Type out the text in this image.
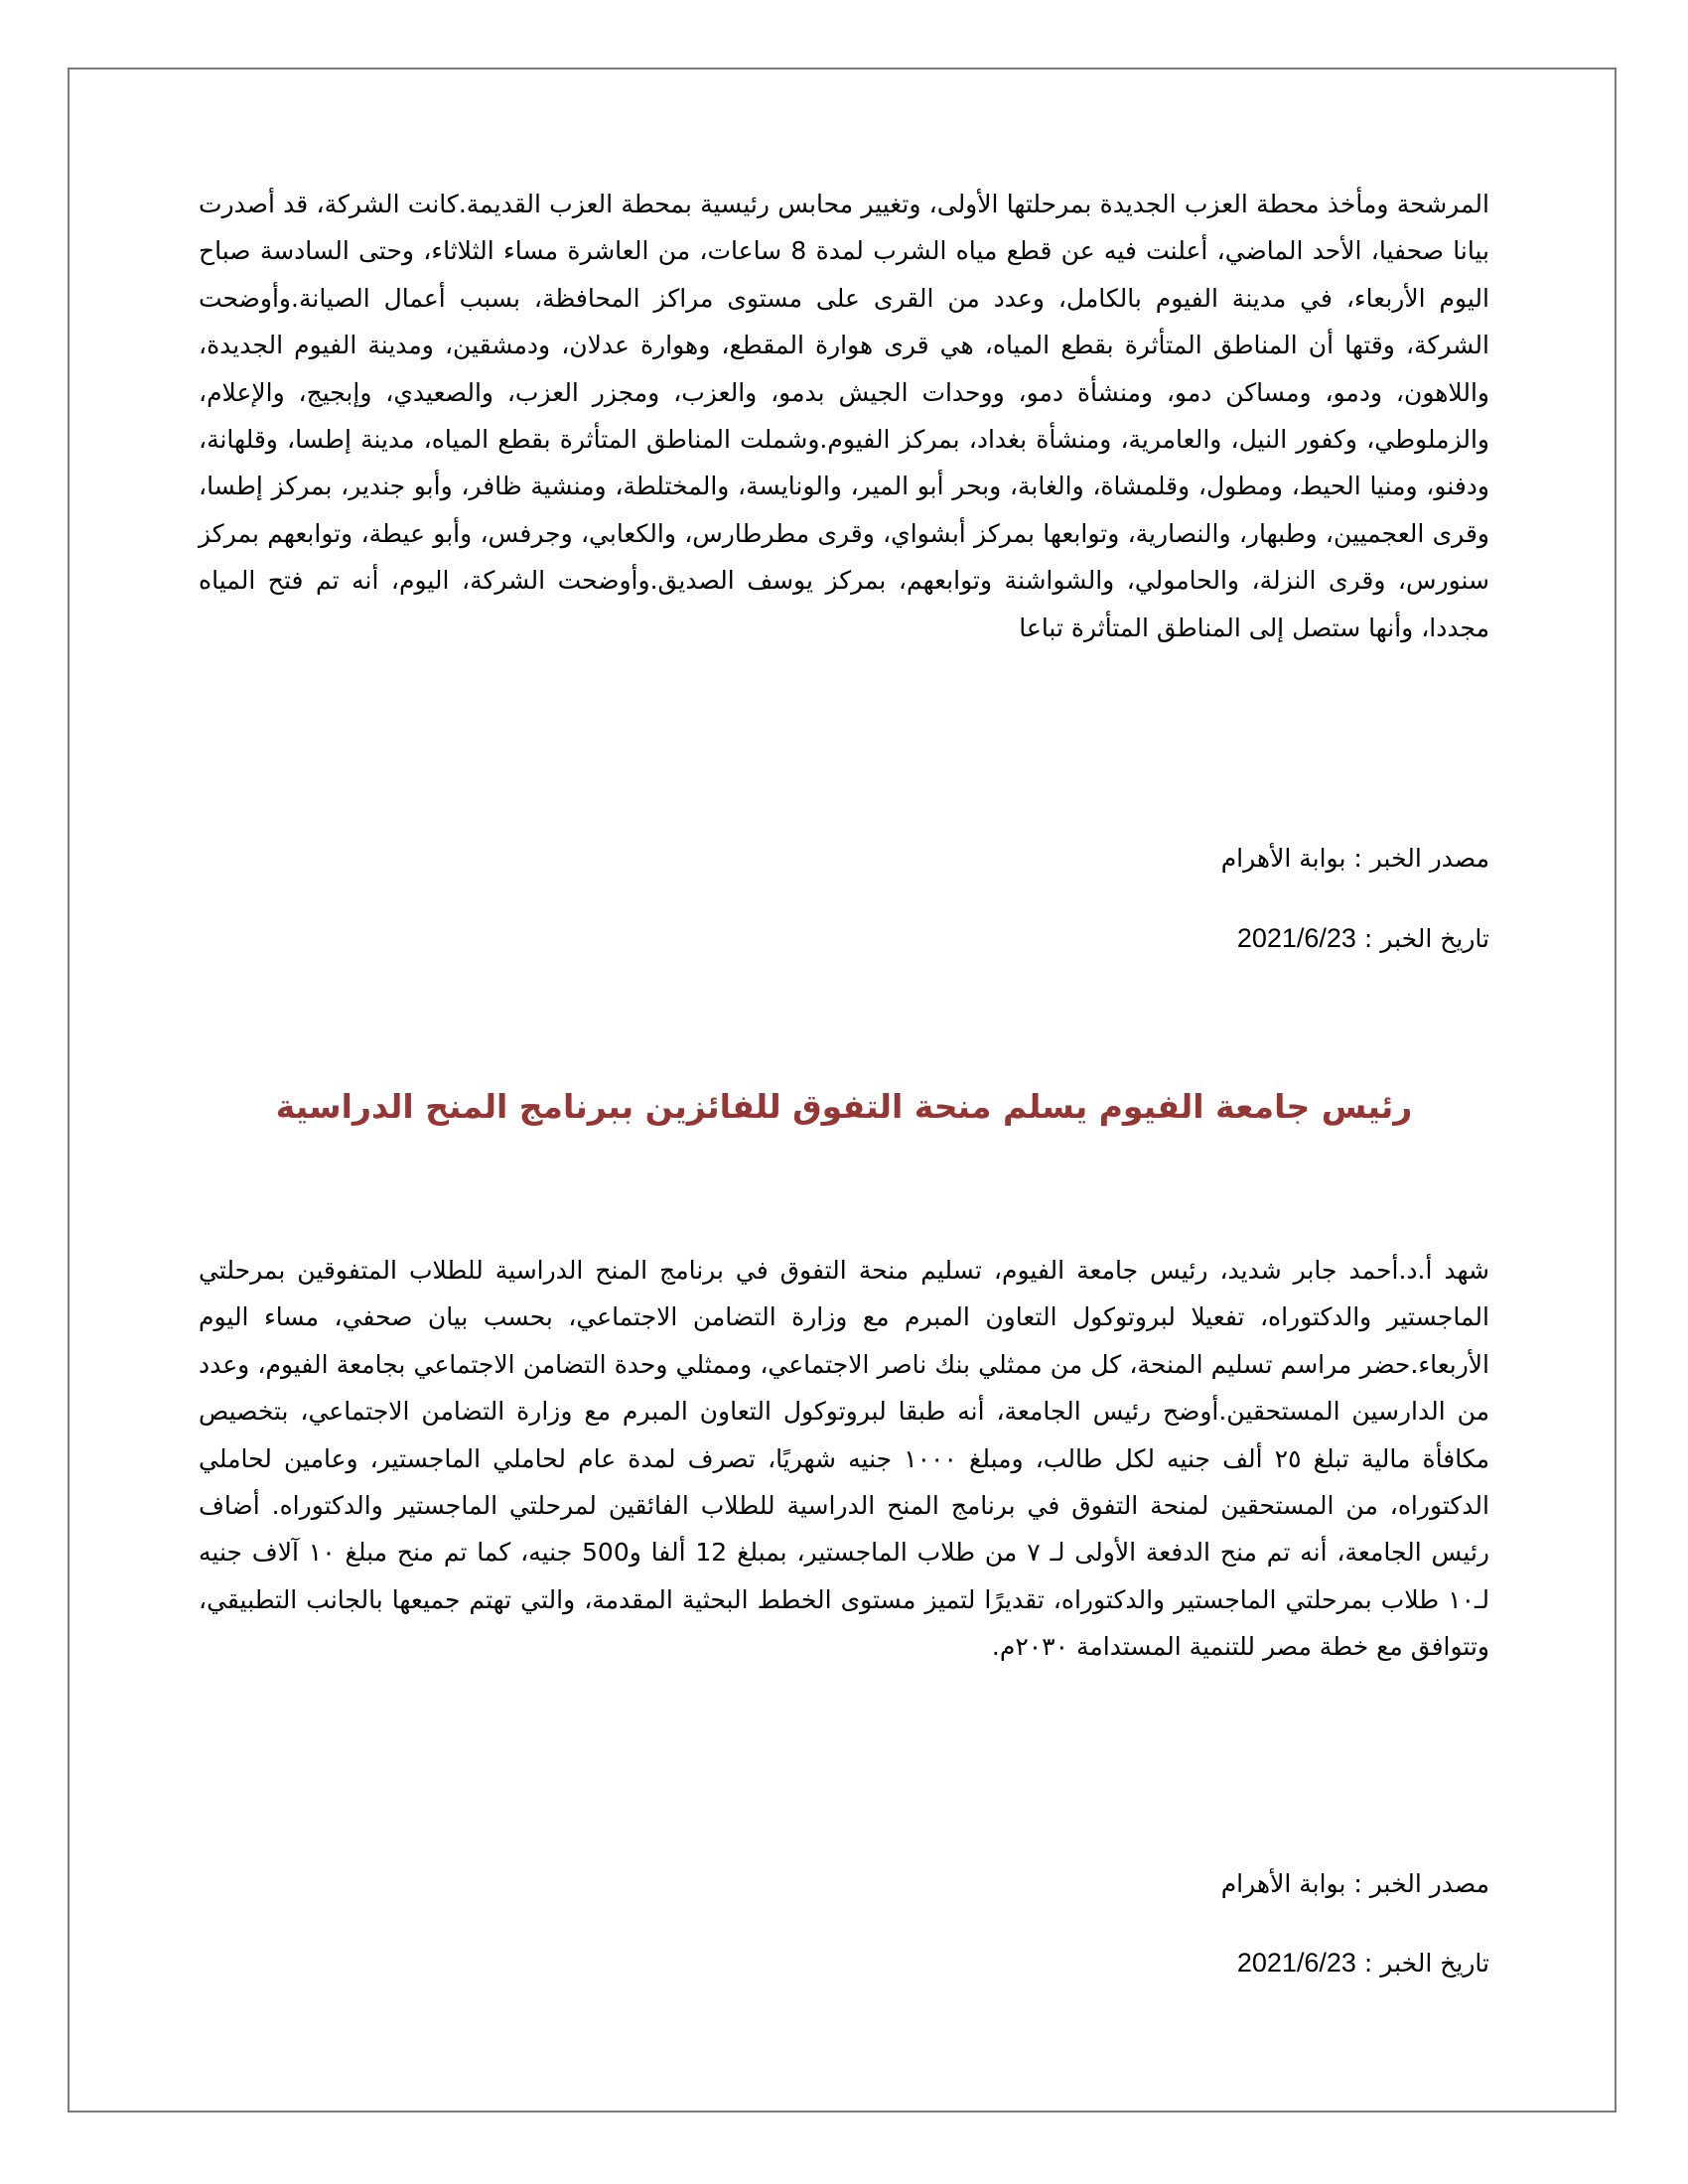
المرشحة ومأخذ محطة العزب الجديدة بمرحلتها الأولى، وتغيير محابس رئيسية بمحطة العزب القديمة.كانت الشركة، قد أصدرت بيانا صحفيا، الأحد الماضي، أعلنت فيه عن قطع مياه الشرب لمدة 8 ساعات، من العاشرة مساء الثلاثاء، وحتى السادسة صباح اليوم الأربعاء، في مدينة الفيوم بالكامل، وعدد من القرى على مستوى مراكز المحافظة، بسبب أعمال الصيانة.وأوضحت الشركة، وقتها أن المناطق المتأثرة بقطع المياه، هي قرى هوارة المقطع، وهوارة عدلان، ودمشقين، ومدينة الفيوم الجديدة، واللاهون، ودمو، ومساكن دمو، ومنشأة دمو، ووحدات الجيش بدمو، والعزب، ومجزر العزب، والصعيدي، وإبجيج، والإعلام، والزملوطي، وكفور النيل، والعامرية، ومنشأة بغداد، بمركز الفيوم.وشملت المناطق المتأثرة بقطع المياه، مدينة إطسا، وقلهانة، ودفنو، ومنيا الحيط، ومطول، وقلمشاة، والغابة، وبحر أبو المير، والونايسة، والمختلطة، ومنشية ظافر، وأبو جندير، بمركز إطسا، وقرى العجميين، وطبهار، والنصارية، وتوابعها بمركز أبشواي، وقرى مطرطارس، والكعابي، وجرفس، وأبو عيطة، وتوابعهم بمركز سنورس، وقرى النزلة، والحامولي، والشواشنة وتوابعهم، بمركز يوسف الصديق.وأوضحت الشركة، اليوم، أنه تم فتح المياه مجددا، وأنها ستصل إلى المناطق المتأثرة تباعا

مصدر الخبر : بوابة الأهرام

تاريخ الخبر : 2021/6/23

رئيس جامعة الفيوم يسلم منحة التفوق للفائزين ببرنامج المنح الدراسية

شهد أ.د.أحمد جابر شديد، رئيس جامعة الفيوم، تسليم منحة التفوق في برنامج المنح الدراسية للطلاب المتفوقين بمرحلتي الماجستير والدكتوراه، تفعيلا لبروتوكول التعاون المبرم مع وزارة التضامن الاجتماعي، بحسب بيان صحفي، مساء اليوم الأربعاء.حضر مراسم تسليم المنحة، كل من ممثلي بنك ناصر الاجتماعي، وممثلي وحدة التضامن الاجتماعي بجامعة الفيوم، وعدد من الدارسين المستحقين.أوضح رئيس الجامعة، أنه طبقا لبروتوكول التعاون المبرم مع وزارة التضامن الاجتماعي، بتخصيص مكافأة مالية تبلغ ٢٥ ألف جنيه لكل طالب، ومبلغ ١٠٠٠ جنيه شهريًا، تصرف لمدة عام لحاملي الماجستير، وعامين لحاملي الدكتوراه، من المستحقين لمنحة التفوق في برنامج المنح الدراسية للطلاب الفائقين لمرحلتي الماجستير والدكتوراه. أضاف رئيس الجامعة، أنه تم منح الدفعة الأولى لـ ٧ من طلاب الماجستير، بمبلغ 12 ألفا و500 جنيه، كما تم منح مبلغ ١٠ آلاف جنيه لـ١٠ طلاب بمرحلتي الماجستير والدكتوراه، تقديرًا لتميز مستوى الخطط البحثية المقدمة، والتي تهتم جميعها بالجانب التطبيقي، وتتوافق مع خطة مصر للتنمية المستدامة ٢٠٣٠م.

مصدر الخبر : بوابة الأهرام

تاريخ الخبر : 2021/6/23
